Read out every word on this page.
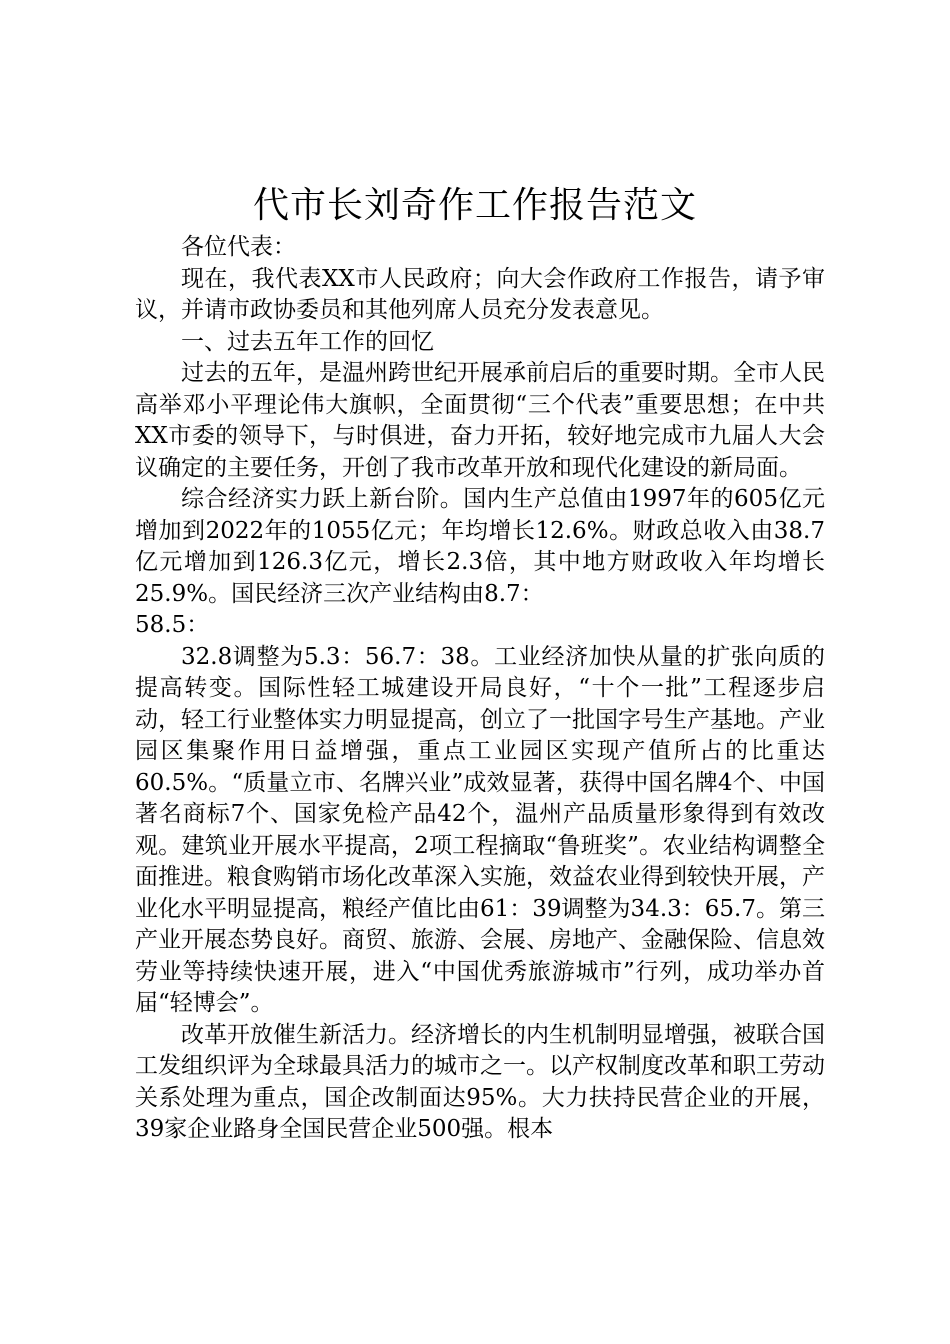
代市长刘奇作工作报告范文

各位代表：

现在，我代表XX市人民政府；向大会作政府工作报告，请予审议，并请市政协委员和其他列席人员充分发表意见。

一、过去五年工作的回忆

过去的五年，是温州跨世纪开展承前启后的重要时期。全市人民高举邓小平理论伟大旗帜，全面贯彻“三个代表”重要思想；在中共XX市委的领导下，与时俱进，奋力开拓，较好地完成市九届人大会议确定的主要任务，开创了我市改革开放和现代化建设的新局面。

综合经济实力跃上新台阶。国内生产总值由1997年的605亿元增加到2022年的1055亿元；年均增长12.6%。财政总收入由38.7亿元增加到126.3亿元，增长2.3倍，其中地方财政收入年均增长25.9%。国民经济三次产业结构由8.7：

58.5：

32.8调整为5.3：56.7：38。工业经济加快从量的扩张向质的提高转变。国际性轻工城建设开局良好，“十个一批”工程逐步启动，轻工行业整体实力明显提高，创立了一批国字号生产基地。产业园区集聚作用日益增强，重点工业园区实现产值所占的比重达60.5%。“质量立市、名牌兴业”成效显著，获得中国名牌4个、中国著名商标7个、国家免检产品42个，温州产品质量形象得到有效改观。建筑业开展水平提高，2项工程摘取“鲁班奖”。农业结构调整全面推进。粮食购销市场化改革深入实施，效益农业得到较快开展，产业化水平明显提高，粮经产值比由61：39调整为34.3：65.7。第三产业开展态势良好。商贸、旅游、会展、房地产、金融保险、信息效劳业等持续快速开展，进入“中国优秀旅游城市”行列，成功举办首届“轻博会”。

改革开放催生新活力。经济增长的内生机制明显增强，被联合国工发组织评为全球最具活力的城市之一。以产权制度改革和职工劳动关系处理为重点，国企改制面达95%。大力扶持民营企业的开展，39家企业路身全国民营企业500强。根本
